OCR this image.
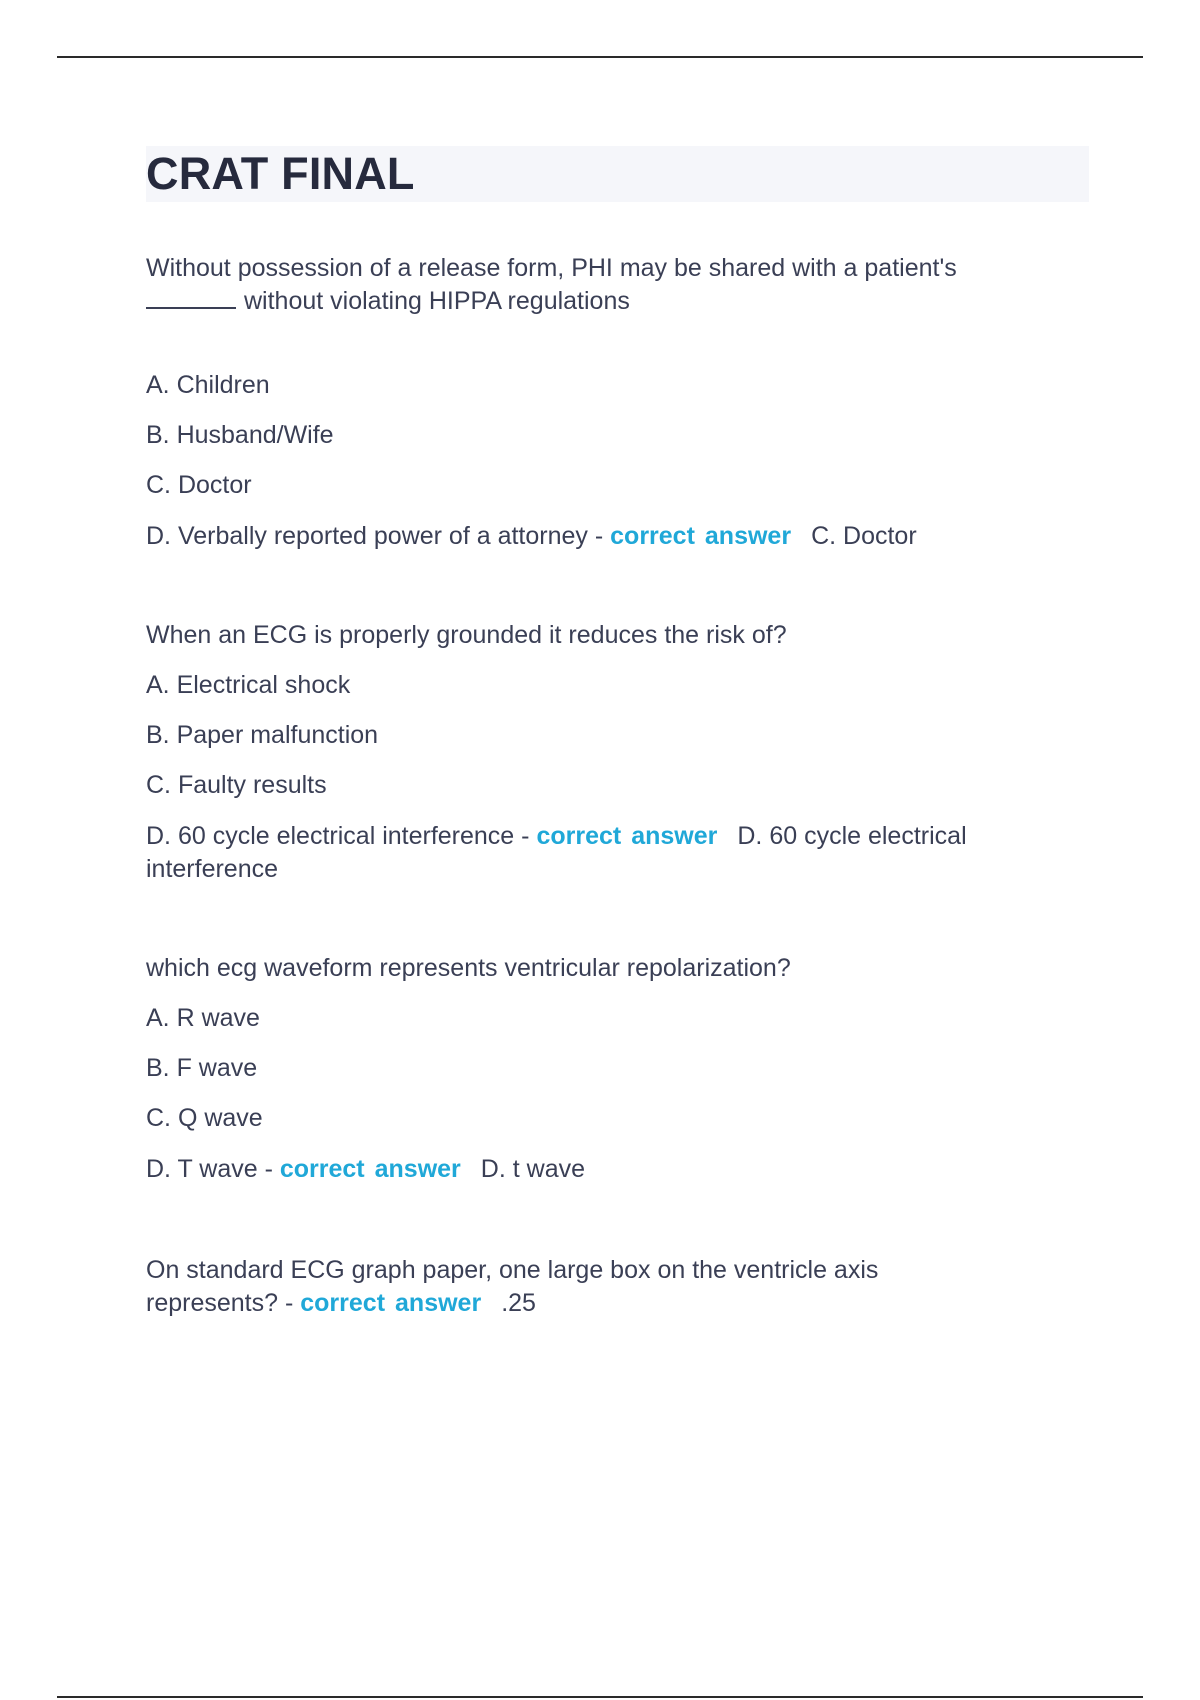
CRAT FINAL

Without possession of a release form, PHI may be shared with a patient's
without violating HIPPA regulations

A. Children

B. Husband/Wife

C. Doctor

D. Verbally reported power of a attorney - correct answer C. Doctor

When an ECG is properly grounded it reduces the risk of?

A. Electrical shock

B. Paper malfunction

C. Faulty results

D. 60 cycle electrical interference - correct answer D. 60 cycle electrical interference

which ecg waveform represents ventricular repolarization?

A. R wave

B. F wave

C. Q wave

D. T wave - correct answer D. t wave

On standard ECG graph paper, one large box on the ventricle axis represents? - correct answer .25
